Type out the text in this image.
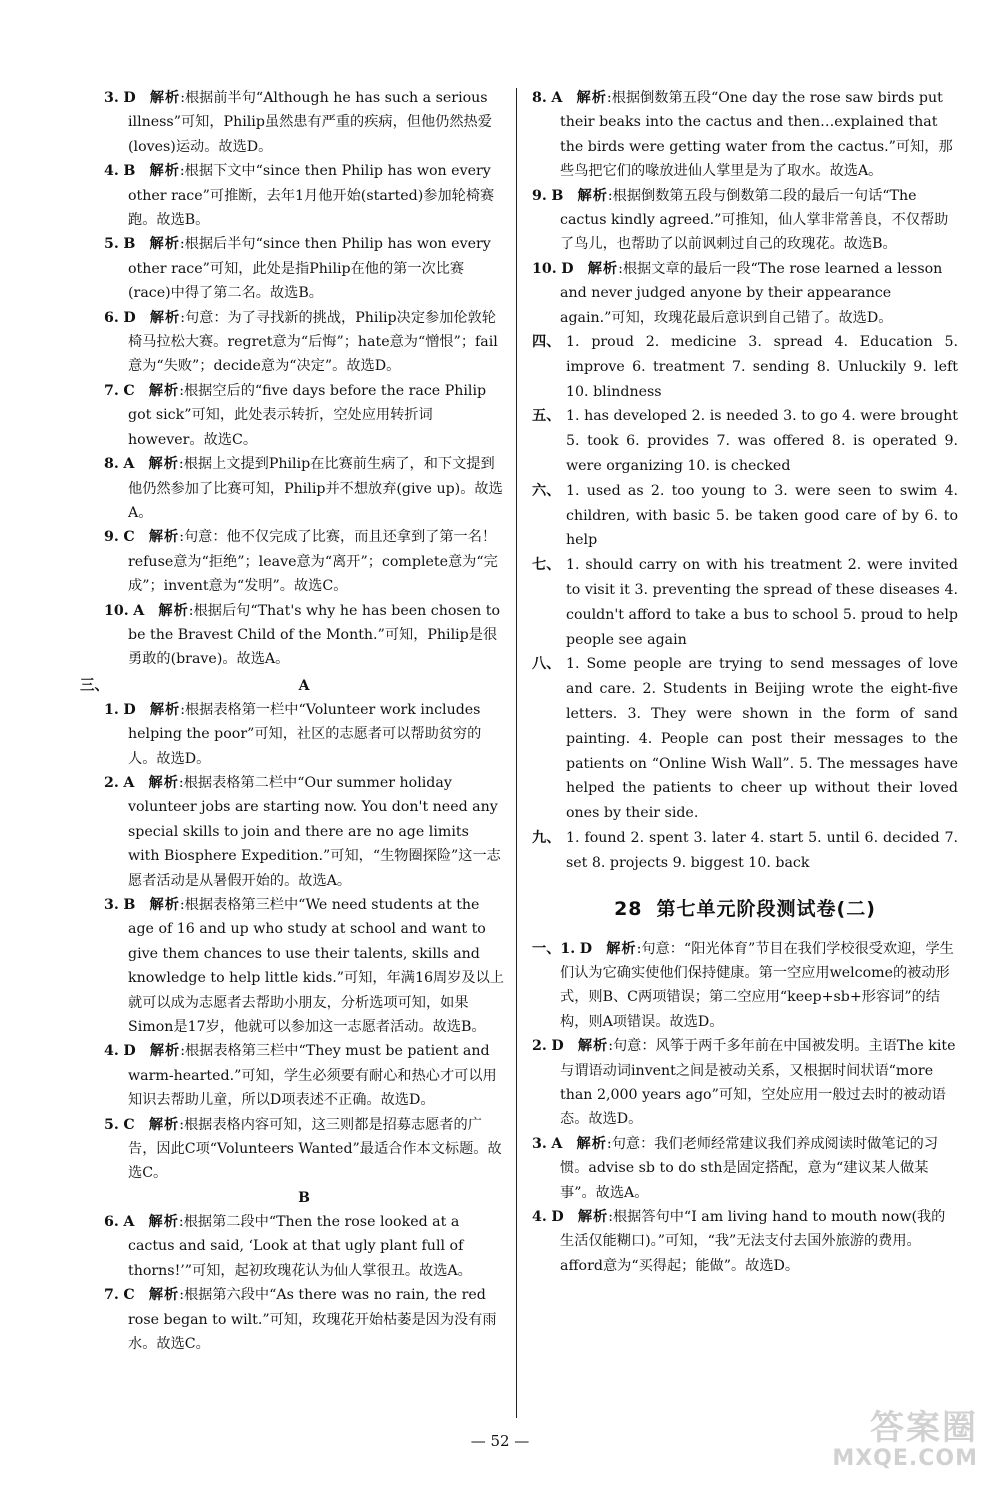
3. D  解析:根据前半句“Although he has such a serious illness”可知，Philip虽然患有严重的疾病，但他仍然热爱(loves)运动。故选D。

4. B  解析:根据下文中“since then Philip has won every other race”可推断，去年1月他开始(started)参加轮椅赛跑。故选B。

5. B  解析:根据后半句“since then Philip has won every other race”可知，此处是指Philip在他的第一次比赛(race)中得了第二名。故选B。

6. D  解析:句意：为了寻找新的挑战，Philip决定参加伦敦轮椅马拉松大赛。regret意为“后悔”；hate意为“憎恨”；fail意为“失败”；decide意为“决定”。故选D。

7. C  解析:根据空后的“five days before the race Philip got sick”可知，此处表示转折，空处应用转折词however。故选C。

8. A  解析:根据上文提到Philip在比赛前生病了，和下文提到他仍然参加了比赛可知，Philip并不想放弃(give up)。故选A。

9. C  解析:句意：他不仅完成了比赛，而且还拿到了第一名！refuse意为“拒绝”；leave意为“离开”；complete意为“完成”；invent意为“发明”。故选C。

10. A  解析:根据后句“That's why he has been chosen to be the Bravest Child of the Month.”可知，Philip是很勇敢的(brave)。故选A。

三、	A

1. D  解析:根据表格第一栏中“Volunteer work includes helping the poor”可知，社区的志愿者可以帮助贫穷的人。故选D。

2. A  解析:根据表格第二栏中“Our summer holiday volunteer jobs are starting now. You don't need any special skills to join and there are no age limits with Biosphere Expedition.”可知，“生物圈探险”这一志愿者活动是从暑假开始的。故选A。

3. B  解析:根据表格第三栏中“We need students at the age of 16 and up who study at school and want to give them chances to use their talents, skills and knowledge to help little kids.”可知，年满16周岁及以上就可以成为志愿者去帮助小朋友，分析选项可知，如果Simon是17岁，他就可以参加这一志愿者活动。故选B。

4. D  解析:根据表格第三栏中“They must be patient and warm-hearted.”可知，学生必须要有耐心和热心才可以用知识去帮助儿童，所以D项表述不正确。故选D。

5. C  解析:根据表格内容可知，这三则都是招募志愿者的广告，因此C项“Volunteers Wanted”最适合作本文标题。故选C。

B

6. A  解析:根据第二段中“Then the rose looked at a cactus and said, ‘Look at that ugly plant full of thorns!’”可知，起初玫瑰花认为仙人掌很丑。故选A。

7. C  解析:根据第六段中“As there was no rain, the red rose began to wilt.”可知，玫瑰花开始枯萎是因为没有雨水。故选C。

8. A  解析:根据倒数第五段“One day the rose saw birds put their beaks into the cactus and then…explained that the birds were getting water from the cactus.”可知，那些鸟把它们的喙放进仙人掌里是为了取水。故选A。

9. B  解析:根据倒数第五段与倒数第二段的最后一句话“The cactus kindly agreed.”可推知，仙人掌非常善良，不仅帮助了鸟儿，也帮助了以前讽刺过自己的玫瑰花。故选B。

10. D  解析:根据文章的最后一段“The rose learned a lesson and never judged anyone by their appearance again.”可知，玫瑰花最后意识到自己错了。故选D。

四、 1. proud 2. medicine 3. spread 4. Education 5. improve 6. treatment 7. sending 8. Unluckily 9. left 10. blindness
五、 1. has developed 2. is needed 3. to go 4. were brought 5. took 6. provides 7. was offered 8. is operated 9. were organizing 10. is checked
六、 1. used as 2. too young to 3. were seen to swim 4. children, with basic 5. be taken good care of by 6. to help
七、 1. should carry on with his treatment 2. were invited to visit it 3. preventing the spread of these diseases 4. couldn't afford to take a bus to school 5. proud to help people see again
八、 1. Some people are trying to send messages of love and care. 2. Students in Beijing wrote the eight-five letters. 3. They were shown in the form of sand painting. 4. People can post their messages to the patients on “Online Wish Wall”. 5. The messages have helped the patients to cheer up without their loved ones by their side.
九、 1. found 2. spent 3. later 4. start 5. until 6. decided 7. set 8. projects 9. biggest 10. back
28 第七单元阶段测试卷(二)

一、1. D  解析:句意：“阳光体育”节目在我们学校很受欢迎，学生们认为它确实使他们保持健康。第一空应用welcome的被动形式，则B、C两项错误；第二空应用“keep+sb+形容词”的结构，则A项错误。故选D。

2. D  解析:句意：风筝于两千多年前在中国被发明。主语The kite与谓语动词invent之间是被动关系，又根据时间状语“more than 2,000 years ago”可知，空处应用一般过去时的被动语态。故选D。

3. A  解析:句意：我们老师经常建议我们养成阅读时做笔记的习惯。advise sb to do sth是固定搭配，意为“建议某人做某事”。故选A。

4. D  解析:根据答句中“I am living hand to mouth now(我的生活仅能糊口)。”可知，“我”无法支付去国外旅游的费用。afford意为“买得起；能做”。故选D。

— 52 —	答案圈
MXQE.COM
